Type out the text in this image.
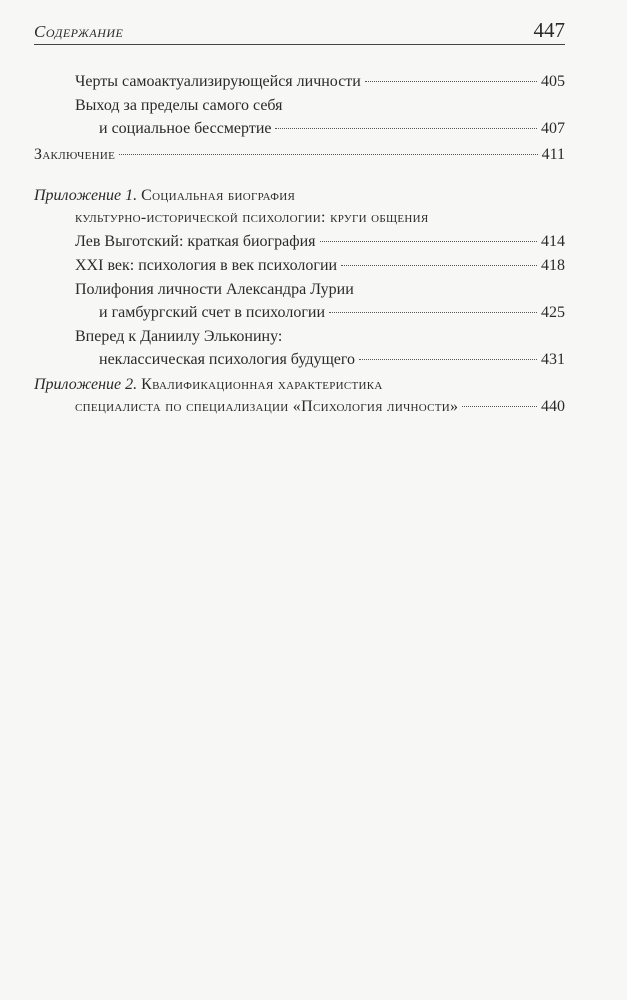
Содержание	447
Черты самоактуализирующейся личности	405
Выход за пределы самого себя
и социальное бессмертие	407
Заключение	411
Приложение 1. Социальная биография
культурно-исторической психологии: круги общения
Лев Выготский: краткая биография	414
XXI век: психология в век психологии	418
Полифония личности Александра Лурии
и гамбургский счет в психологии	425
Вперед к Даниилу Эльконину:
неклассическая психология будущего	431
Приложение 2. Квалификационная характеристика
специалиста по специализации «Психология личности»	440
